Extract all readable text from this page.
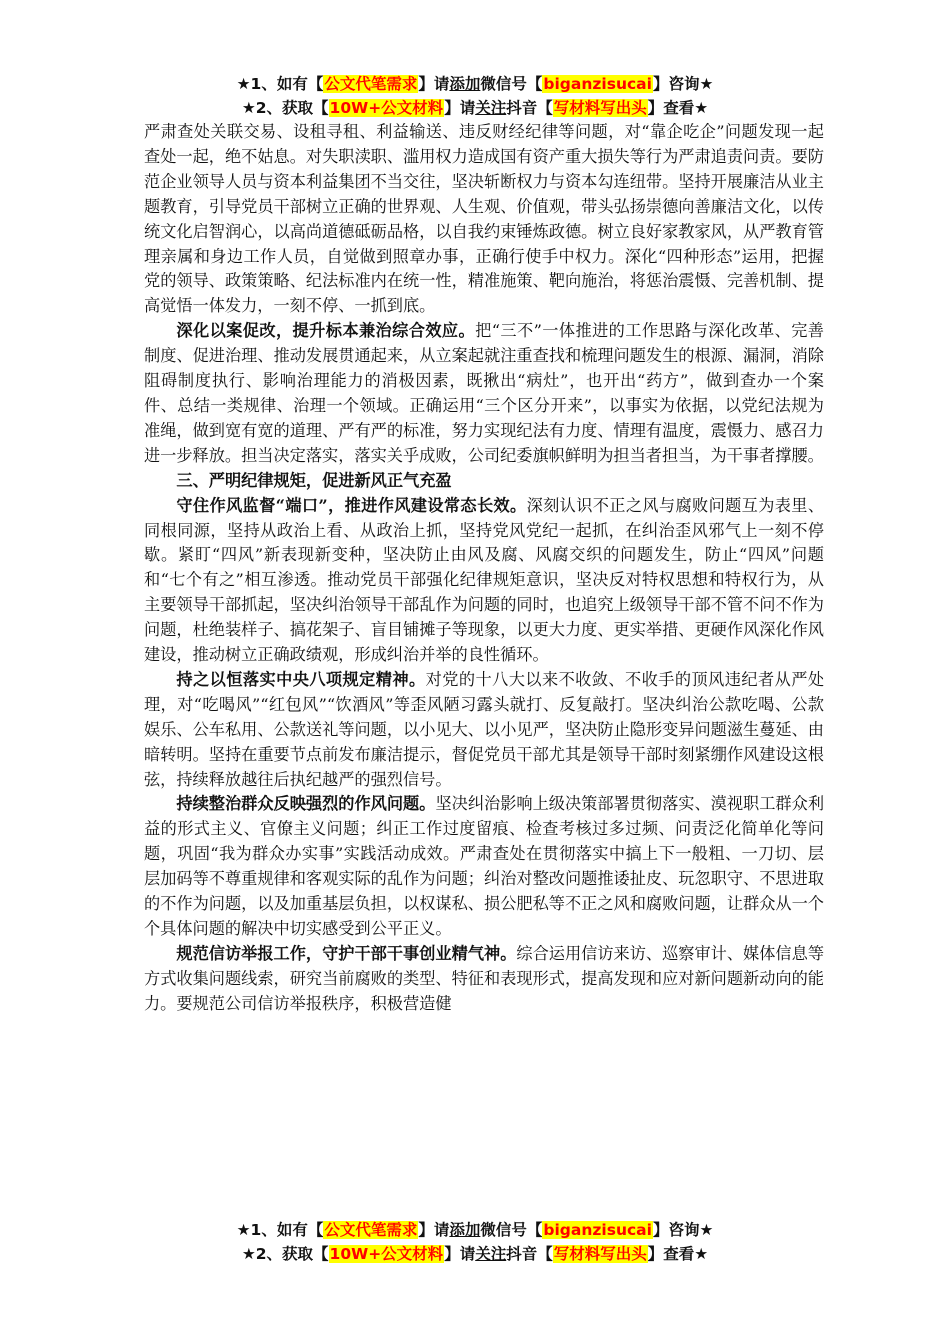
★1、如有【公文代笔需求】请添加微信号【biganzisucai】咨询★
★2、获取【10W+公文材料】请关注抖音【写材料写出头】查看★

严肃查处关联交易、设租寻租、利益输送、违反财经纪律等问题，对“靠企吃企”问题发现一起查处一起，绝不姑息。对失职渎职、滥用权力造成国有资产重大损失等行为严肃追责问责。要防范企业领导人员与资本利益集团不当交往，坚决斩断权力与资本勾连纽带。坚持开展廉洁从业主题教育，引导党员干部树立正确的世界观、人生观、价值观，带头弘扬崇德向善廉洁文化，以传统文化启智润心，以高尚道德砥砺品格，以自我约束锤炼政德。树立良好家教家风，从严教育管理亲属和身边工作人员，自觉做到照章办事，正确行使手中权力。深化“四种形态”运用，把握党的领导、政策策略、纪法标准内在统一性，精准施策、靶向施治，将惩治震慑、完善机制、提高觉悟一体发力，一刻不停、一抓到底。

深化以案促改，提升标本兼治综合效应。把“三不”一体推进的工作思路与深化改革、完善制度、促进治理、推动发展贯通起来，从立案起就注重查找和梳理问题发生的根源、漏洞，消除阻碍制度执行、影响治理能力的消极因素，既揪出“病灶”，也开出“药方”，做到查办一个案件、总结一类规律、治理一个领域。正确运用“三个区分开来”，以事实为依据，以党纪法规为准绳，做到宽有宽的道理、严有严的标准，努力实现纪法有力度、情理有温度，震慑力、感召力进一步释放。担当决定落实，落实关乎成败，公司纪委旗帜鲜明为担当者担当，为干事者撑腰。

三、严明纪律规矩，促进新风正气充盈

守住作风监督“端口”，推进作风建设常态长效。深刻认识不正之风与腐败问题互为表里、同根同源，坚持从政治上看、从政治上抓，坚持党风党纪一起抓，在纠治歪风邪气上一刻不停歇。紧盯“四风”新表现新变种，坚决防止由风及腐、风腐交织的问题发生，防止“四风”问题和“七个有之”相互渗透。推动党员干部强化纪律规矩意识，坚决反对特权思想和特权行为，从主要领导干部抓起，坚决纠治领导干部乱作为问题的同时，也追究上级领导干部不管不问不作为问题，杜绝装样子、搞花架子、盲目铺摊子等现象，以更大力度、更实举措、更硬作风深化作风建设，推动树立正确政绩观，形成纠治并举的良性循环。

持之以恒落实中央八项规定精神。对党的十八大以来不收敛、不收手的顶风违纪者从严处理，对“吃喝风”“红包风”“饮酒风”等歪风陋习露头就打、反复敲打。坚决纠治公款吃喝、公款娱乐、公车私用、公款送礼等问题，以小见大、以小见严，坚决防止隐形变异问题滋生蔓延、由暗转明。坚持在重要节点前发布廉洁提示，督促党员干部尤其是领导干部时刻紧绷作风建设这根弦，持续释放越往后执纪越严的强烈信号。

持续整治群众反映强烈的作风问题。坚决纠治影响上级决策部署贯彻落实、漠视职工群众利益的形式主义、官僚主义问题；纠正工作过度留痕、检查考核过多过频、问责泛化简单化等问题，巩固“我为群众办实事”实践活动成效。严肃查处在贯彻落实中搞上下一般粗、一刀切、层层加码等不尊重规律和客观实际的乱作为问题；纠治对整改问题推诿扯皮、玩忽职守、不思进取的不作为问题，以及加重基层负担，以权谋私、损公肥私等不正之风和腐败问题，让群众从一个个具体问题的解决中切实感受到公平正义。

规范信访举报工作，守护干部干事创业精气神。综合运用信访来访、巡察审计、媒体信息等方式收集问题线索，研究当前腐败的类型、特征和表现形式，提高发现和应对新问题新动向的能力。要规范公司信访举报秩序，积极营造健

★1、如有【公文代笔需求】请添加微信号【biganzisucai】咨询★
★2、获取【10W+公文材料】请关注抖音【写材料写出头】查看★
